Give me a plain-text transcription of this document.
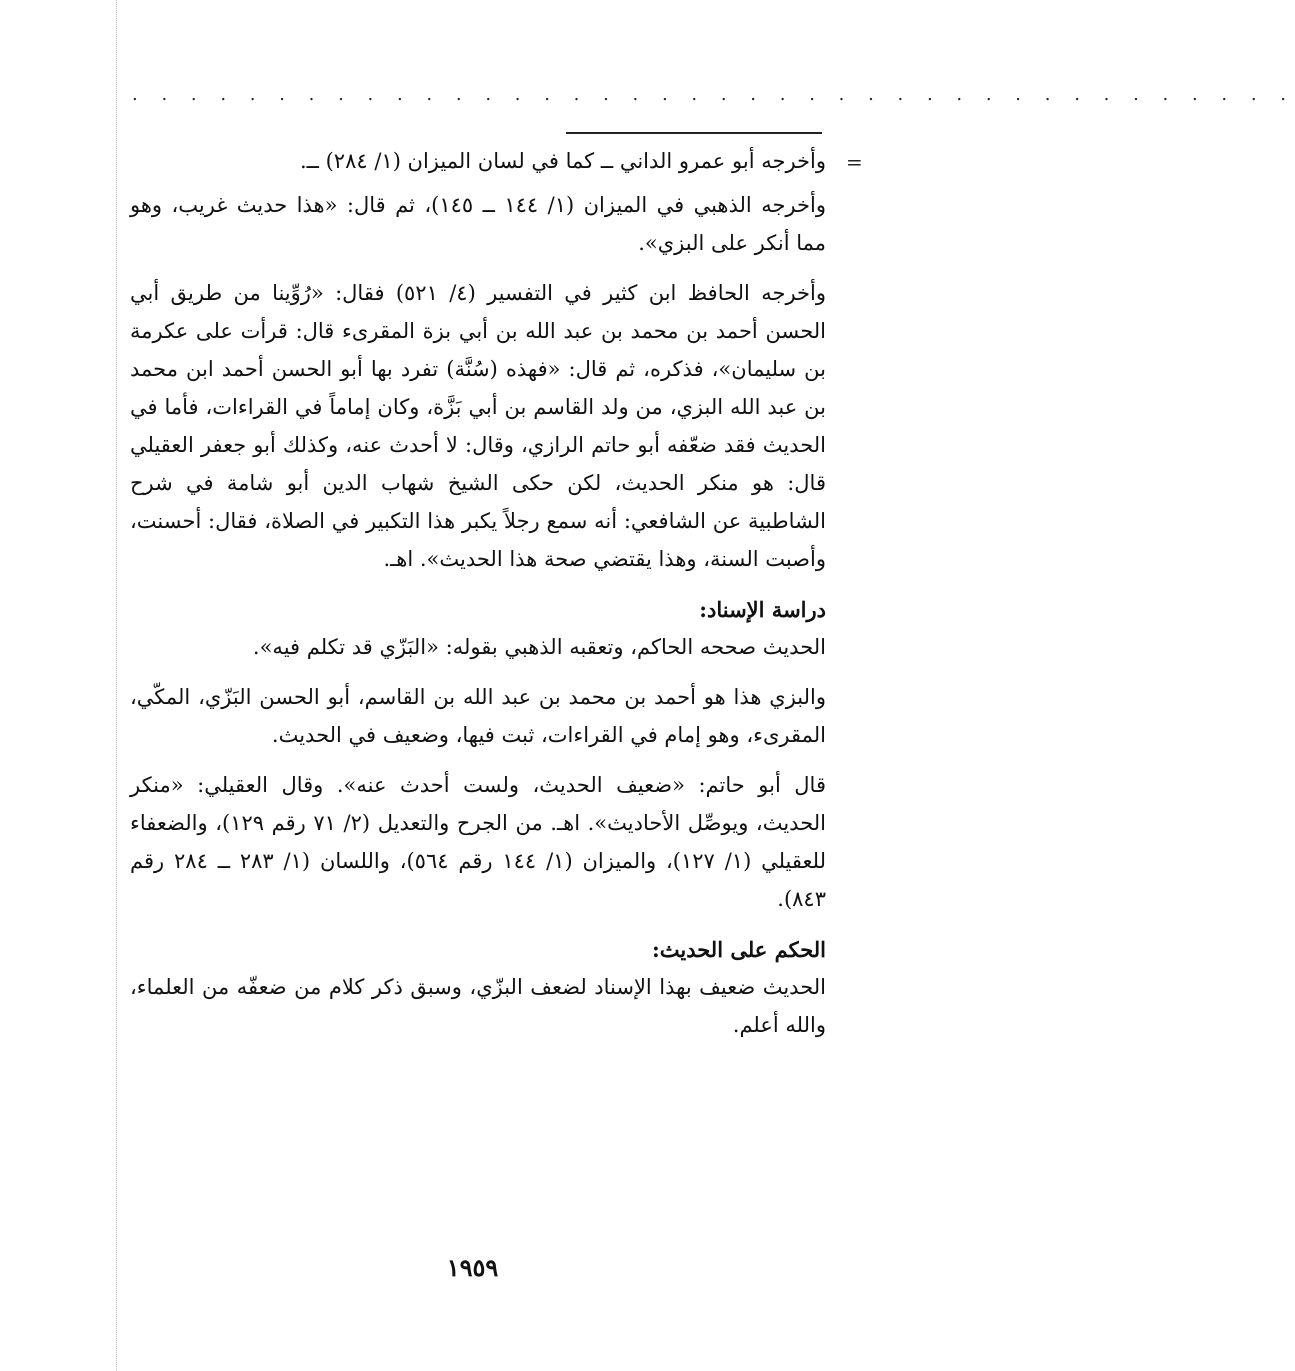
. . . . . . . . . . . . . . . . . . . . . . . . . . . . . . . . . . . . . . . .
=

وأخرجه أبو عمرو الداني ــ كما في لسان الميزان (١/ ٢٨٤) ــ.

وأخرجه الذهبي في الميزان (١/ ١٤٤ ــ ١٤٥)، ثم قال: «هذا حديث غريب، وهو مما أنكر على البزي».

وأخرجه الحافظ ابن كثير في التفسير (٤/ ٥٢١) فقال: «رُوِّينا من طريق أبي الحسن أحمد بن محمد بن عبد الله بن أبي بزة المقرىء قال: قرأت على عكرمة بن سليمان»، فذكره، ثم قال: «فهذه (سُنَّة) تفرد بها أبو الحسن أحمد ابن محمد بن عبد الله البزي، من ولد القاسم بن أبي بَزَّة، وكان إماماً في القراءات، فأما في الحديث فقد ضعّفه أبو حاتم الرازي، وقال: لا أحدث عنه، وكذلك أبو جعفر العقيلي قال: هو منكر الحديث، لكن حكى الشيخ شهاب الدين أبو شامة في شرح الشاطبية عن الشافعي: أنه سمع رجلاً يكبر هذا التكبير في الصلاة، فقال: أحسنت، وأصبت السنة، وهذا يقتضي صحة هذا الحديث». اهـ.

دراسة الإسناد:

الحديث صححه الحاكم، وتعقبه الذهبي بقوله: «البَزّي قد تكلم فيه».

والبزي هذا هو أحمد بن محمد بن عبد الله بن القاسم، أبو الحسن البَزّي، المكّي، المقرىء، وهو إمام في القراءات، ثبت فيها، وضعيف في الحديث.

قال أبو حاتم: «ضعيف الحديث، ولست أحدث عنه». وقال العقيلي: «منكر الحديث، ويوصِّل الأحاديث». اهـ. من الجرح والتعديل (٢/ ٧١ رقم ١٢٩)، والضعفاء للعقيلي (١/ ١٢٧)، والميزان (١/ ١٤٤ رقم ٥٦٤)، واللسان (١/ ٢٨٣ ــ ٢٨٤ رقم ٨٤٣).

الحكم على الحديث:

الحديث ضعيف بهذا الإسناد لضعف البزّي، وسبق ذكر كلام من ضعفّه من العلماء، والله أعلم.

١٩٥٩
